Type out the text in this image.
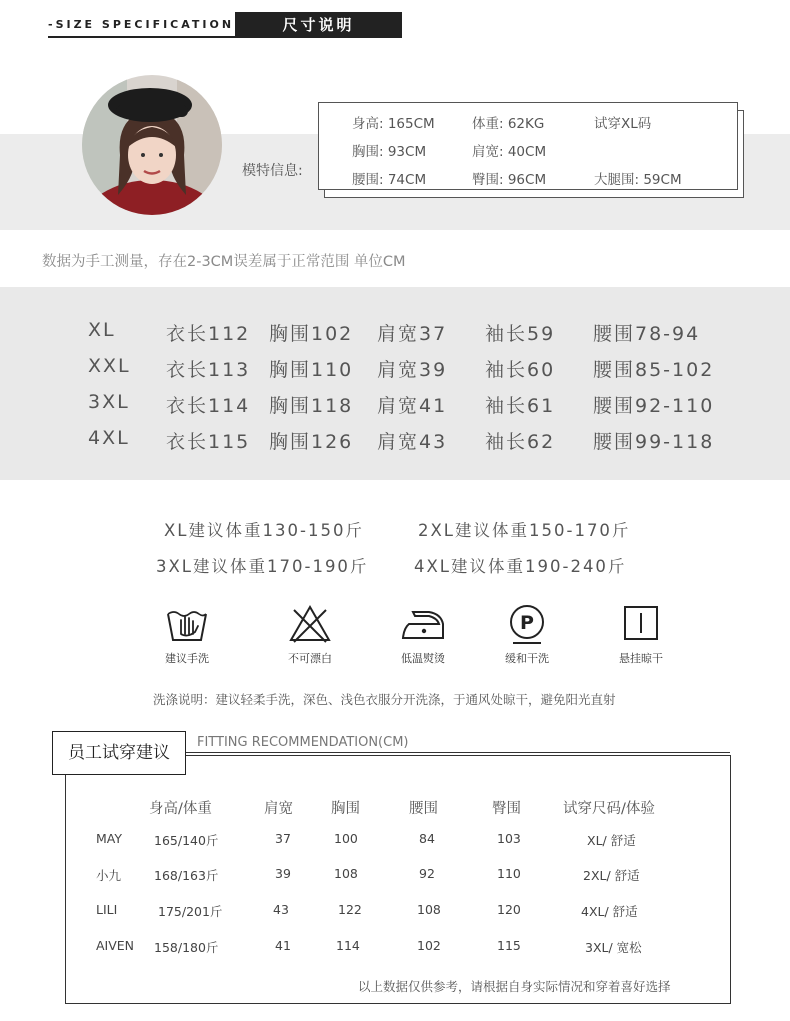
-SIZE SPECIFICATION	尺寸说明
模特信息:
身高: 165CM	体重: 62KG	试穿XL码
胸围: 93CM	肩宽: 40CM
腰围: 74CM	臀围: 96CM	大腿围: 59CM
数据为手工测量，存在2-3CM误差属于正常范围 单位CM
XL	衣长112 胸围102 肩宽37 袖长59 腰围78-94
XXL 衣长113 胸围110 肩宽39 袖长60 腰围85-102
3XL 衣长114 胸围118 肩宽41 袖长61 腰围92-110
4XL 衣长115 胸围126 肩宽43 袖长62 腰围99-118
XL建议体重130-150斤	2XL建议体重150-170斤
3XL建议体重170-190斤	4XL建议体重190-240斤
建议手洗	不可漂白	低温熨烫
P
缓和干洗	悬挂晾干
洗涤说明：建议轻柔手洗，深色、浅色衣服分开洗涤，于通风处晾干，避免阳光直射
FITTING RECOMMENDATION(CM)
员工试穿建议
身高/体重	肩宽	胸围	腰围	臀围	试穿尺码/体验
MAY	165/140斤	37	100	84	103	XL/ 舒适
小九	168/163斤	39	108	92	110	2XL/ 舒适
LILI	175/201斤	43	122	108	120	4XL/ 舒适
AIVEN 158/180斤	41	114	102	115	3XL/ 宽松
以上数据仅供参考，请根据自身实际情况和穿着喜好选择
